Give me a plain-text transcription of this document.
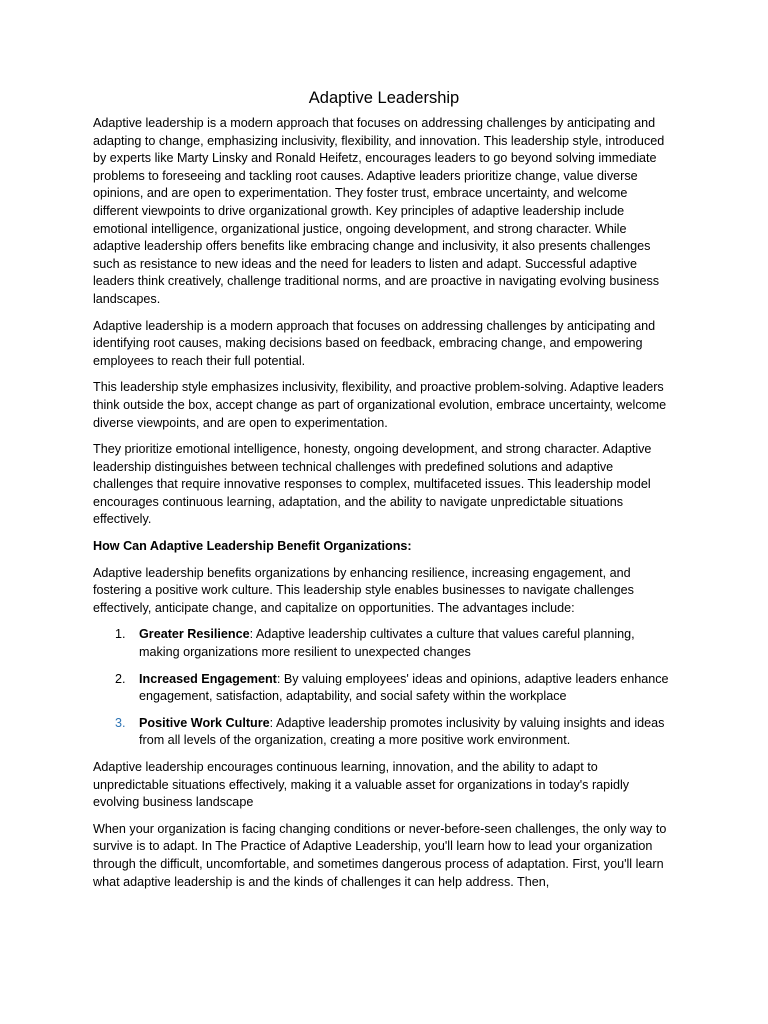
Adaptive Leadership

Adaptive leadership is a modern approach that focuses on addressing challenges by anticipating and adapting to change, emphasizing inclusivity, flexibility, and innovation. This leadership style, introduced by experts like Marty Linsky and Ronald Heifetz, encourages leaders to go beyond solving immediate problems to foreseeing and tackling root causes. Adaptive leaders prioritize change, value diverse opinions, and are open to experimentation. They foster trust, embrace uncertainty, and welcome different viewpoints to drive organizational growth. Key principles of adaptive leadership include emotional intelligence, organizational justice, ongoing development, and strong character. While adaptive leadership offers benefits like embracing change and inclusivity, it also presents challenges such as resistance to new ideas and the need for leaders to listen and adapt. Successful adaptive leaders think creatively, challenge traditional norms, and are proactive in navigating evolving business landscapes.

Adaptive leadership is a modern approach that focuses on addressing challenges by anticipating and identifying root causes, making decisions based on feedback, embracing change, and empowering employees to reach their full potential.

This leadership style emphasizes inclusivity, flexibility, and proactive problem-solving. Adaptive leaders think outside the box, accept change as part of organizational evolution, embrace uncertainty, welcome diverse viewpoints, and are open to experimentation.

They prioritize emotional intelligence, honesty, ongoing development, and strong character. Adaptive leadership distinguishes between technical challenges with predefined solutions and adaptive challenges that require innovative responses to complex, multifaceted issues. This leadership model encourages continuous learning, adaptation, and the ability to navigate unpredictable situations effectively.

How Can Adaptive Leadership Benefit Organizations:

Adaptive leadership benefits organizations by enhancing resilience, increasing engagement, and fostering a positive work culture. This leadership style enables businesses to navigate challenges effectively, anticipate change, and capitalize on opportunities. The advantages include:

1. Greater Resilience: Adaptive leadership cultivates a culture that values careful planning, making organizations more resilient to unexpected changes
2. Increased Engagement: By valuing employees' ideas and opinions, adaptive leaders enhance engagement, satisfaction, adaptability, and social safety within the workplace
3. Positive Work Culture: Adaptive leadership promotes inclusivity by valuing insights and ideas from all levels of the organization, creating a more positive work environment.

Adaptive leadership encourages continuous learning, innovation, and the ability to adapt to unpredictable situations effectively, making it a valuable asset for organizations in today's rapidly evolving business landscape

When your organization is facing changing conditions or never-before-seen challenges, the only way to survive is to adapt. In The Practice of Adaptive Leadership, you'll learn how to lead your organization through the difficult, uncomfortable, and sometimes dangerous process of adaptation. First, you'll learn what adaptive leadership is and the kinds of challenges it can help address. Then,
